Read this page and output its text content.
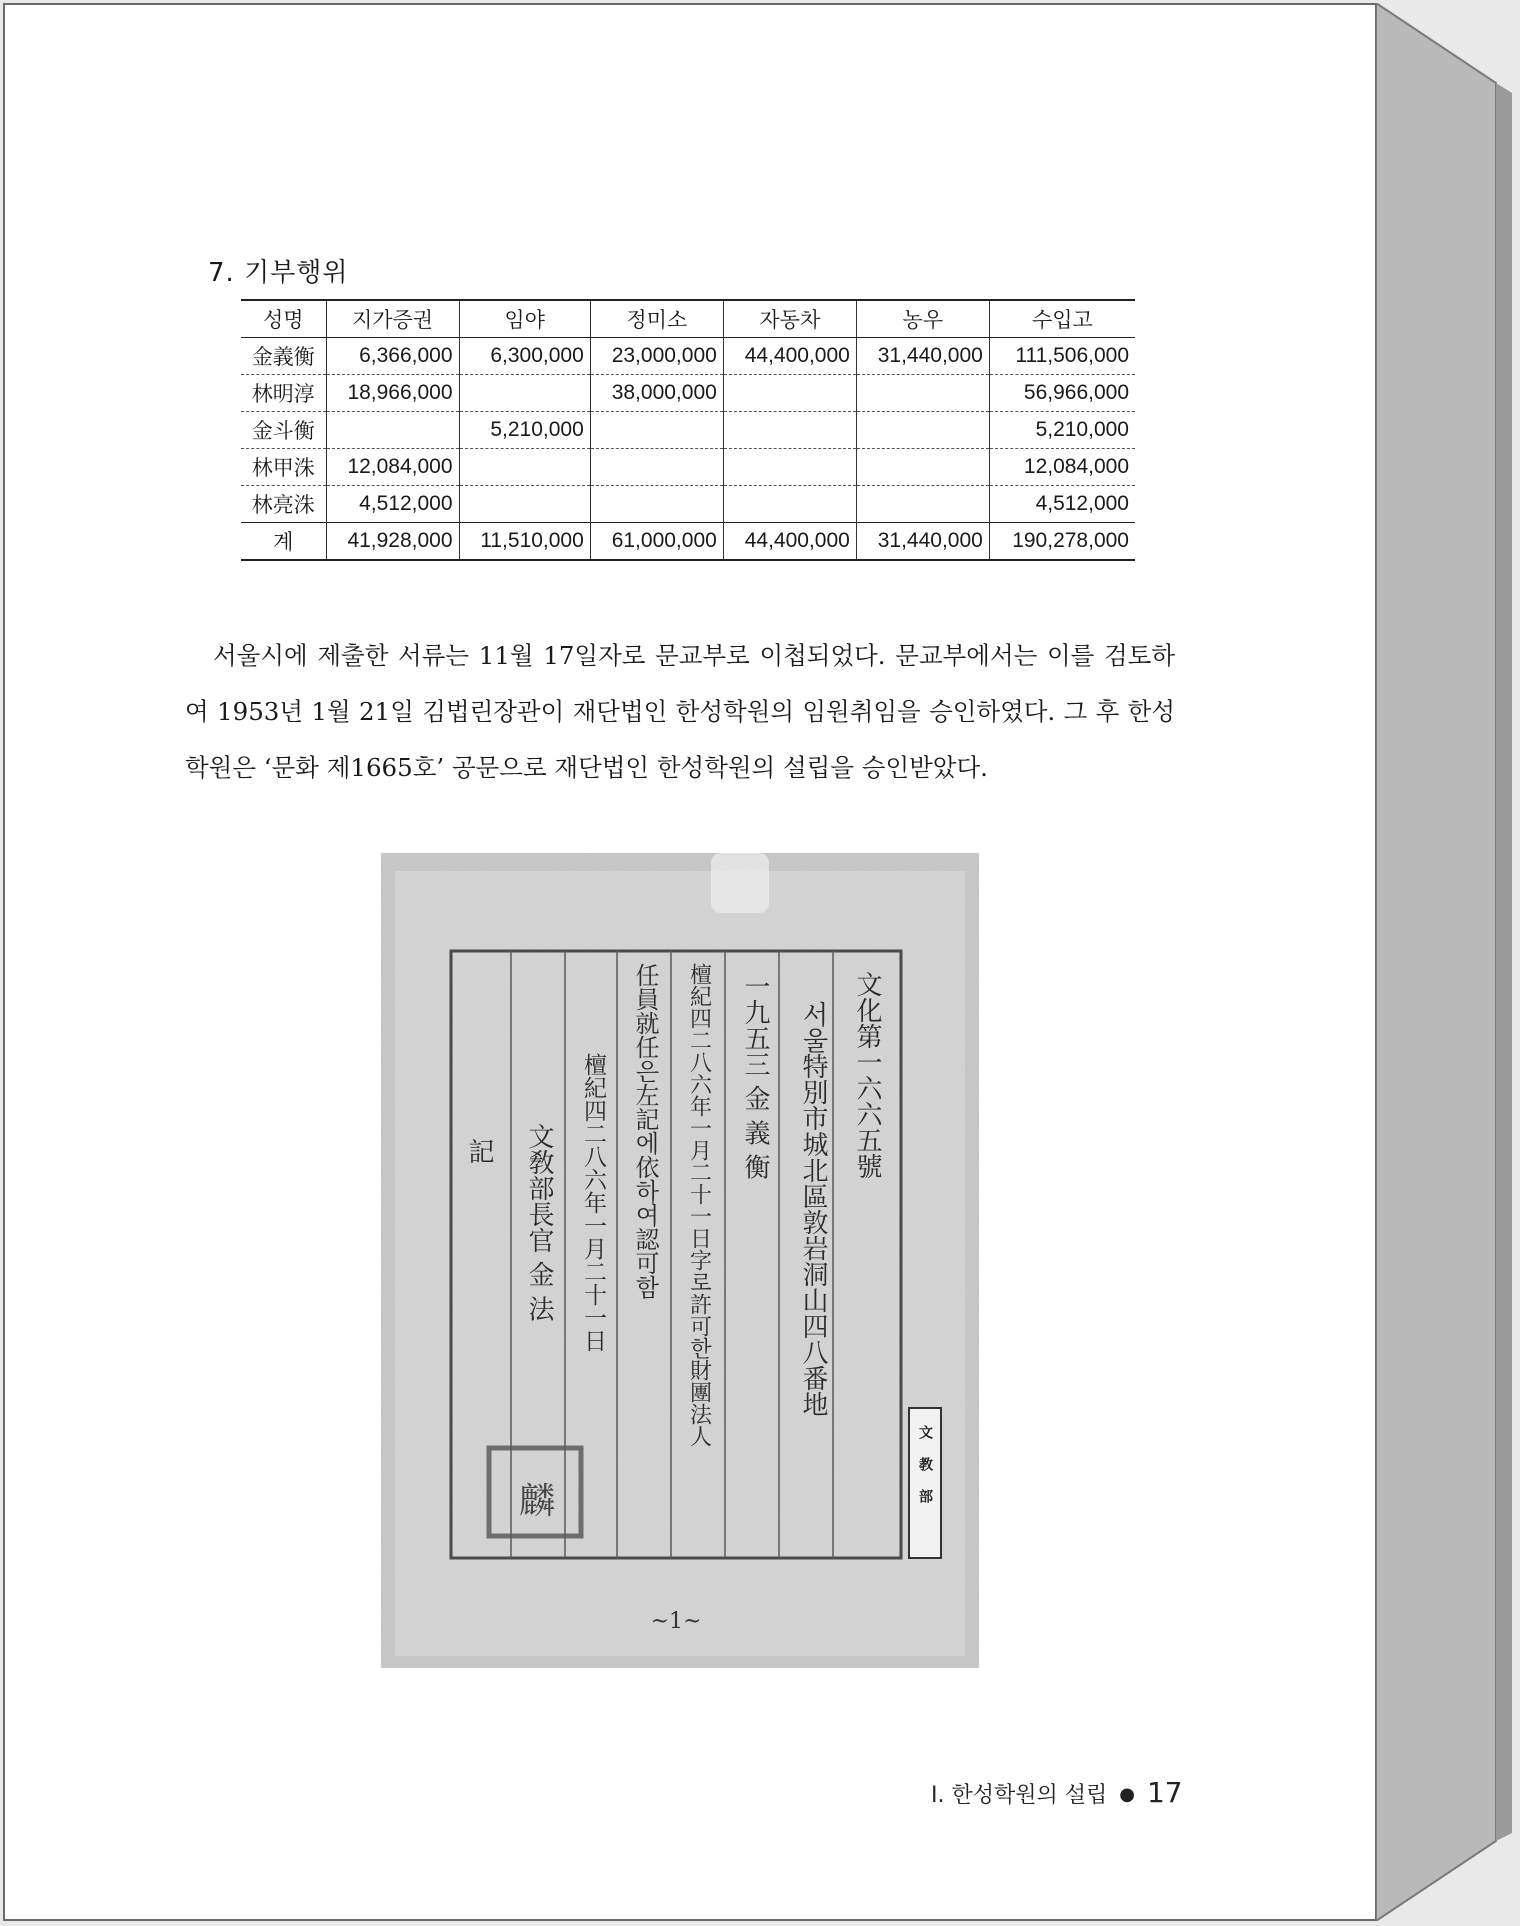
7. 기부행위
성명	지가증권	임야	정미소	자동차	농우	수입고
金義衡	6,366,000	6,300,000	23,000,000	44,400,000	31,440,000	111,506,000
林明淳	18,966,000		38,000,000			56,966,000
金斗衡		5,210,000				5,210,000
林甲洙	12,084,000					12,084,000
林亮洙	4,512,000					4,512,000
계	41,928,000	11,510,000	61,000,000	44,400,000	31,440,000	190,278,000

서울시에 제출한 서류는 11월 17일자로 문교부로 이첩되었다. 문교부에서는 이를 검토하여 1953년 1월 21일 김법린장관이 재단법인 한성학원의 임원취임을 승인하였다. 그 후 한성학원은 ‘문화 제1665호’ 공문으로 재단법인 한성학원의 설립을 승인받았다.

文化第一六六五號
서울特別市城北區敦岩洞山四八番地
一九五三 金 義 衡
檀紀四二八六年一月二十一日字로許可한財團法人
任員就任은左記에依하여認可함
檀紀四二八六年一月二十一日
文敎部長官 金 法
記
文教部
麟
~1~
Ⅰ. 한성학원의 설립 ● 17
